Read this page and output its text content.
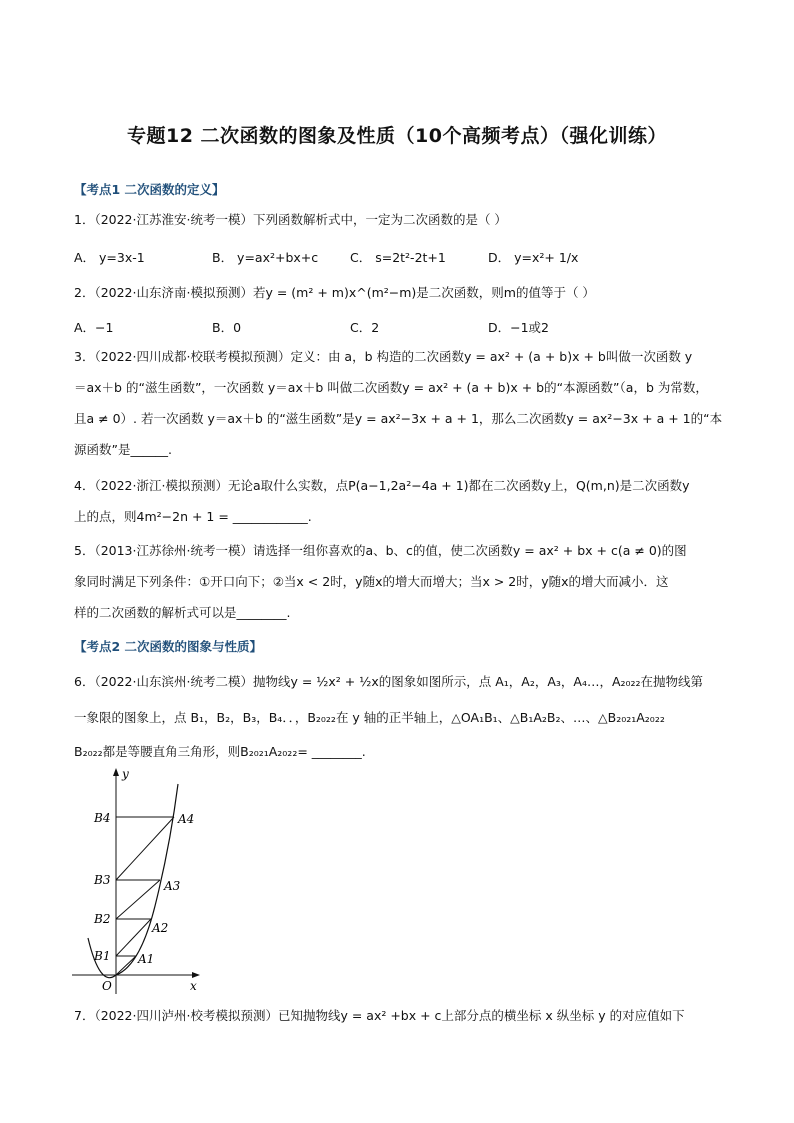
专题12 二次函数的图象及性质（10个高频考点）（强化训练）
【考点1 二次函数的定义】
1．（2022·江苏淮安·统考一模）下列函数解析式中，一定为二次函数的是（ ）
A． y=3x-1	B． y=ax²+bx+c	C． s=2t²-2t+1	D． y=x²+ 1/x
2．（2022·山东济南·模拟预测）若y = (m² + m)x^(m²−m)是二次函数，则m的值等于（ ）
A．−1	B．0	C．2	D．−1或2
3．（2022·四川成都·校联考模拟预测）定义：由 a，b 构造的二次函数y = ax² + (a + b)x + b叫做一次函数 y
＝ax＋b 的“滋生函数”，一次函数 y＝ax＋b 叫做二次函数y = ax² + (a + b)x + b的“本源函数”（a，b 为常数，
且a ≠ 0）. 若一次函数 y＝ax＋b 的“滋生函数”是y = ax²−3x + a + 1，那么二次函数y = ax²−3x + a + 1的“本
源函数”是______.
4．（2022·浙江·模拟预测）无论a取什么实数，点P(a−1,2a²−4a + 1)都在二次函数y上，Q(m,n)是二次函数y
上的点，则4m²−2n + 1 = ____________.
5．（2013·江苏徐州·统考一模）请选择一组你喜欢的a、b、c的值，使二次函数y = ax² + bx + c(a ≠ 0)的图
象同时满足下列条件：①开口向下；②当x < 2时，y随x的增大而增大；当x > 2时，y随x的增大而减小．这
样的二次函数的解析式可以是________.
【考点2 二次函数的图象与性质】
6．（2022·山东滨州·统考二模）抛物线y = ½x² + ½x的图象如图所示，点 A₁，A₂，A₃，A₄…，A₂₀₂₂在抛物线第
一象限的图象上，点 B₁，B₂，B₃，B₄．．，B₂₀₂₂在 y 轴的正半轴上，△OA₁B₁、△B₁A₂B₂、…、△B₂₀₂₁A₂₀₂₂
B₂₀₂₂都是等腰直角三角形，则B₂₀₂₁A₂₀₂₂= ________.
y
x
O
B4
B3
B2
B1
A4
A3
A2
A1
7．（2022·四川泸州·校考模拟预测）已知抛物线y = ax² +bx + c上部分点的横坐标 x 纵坐标 y 的对应值如下
